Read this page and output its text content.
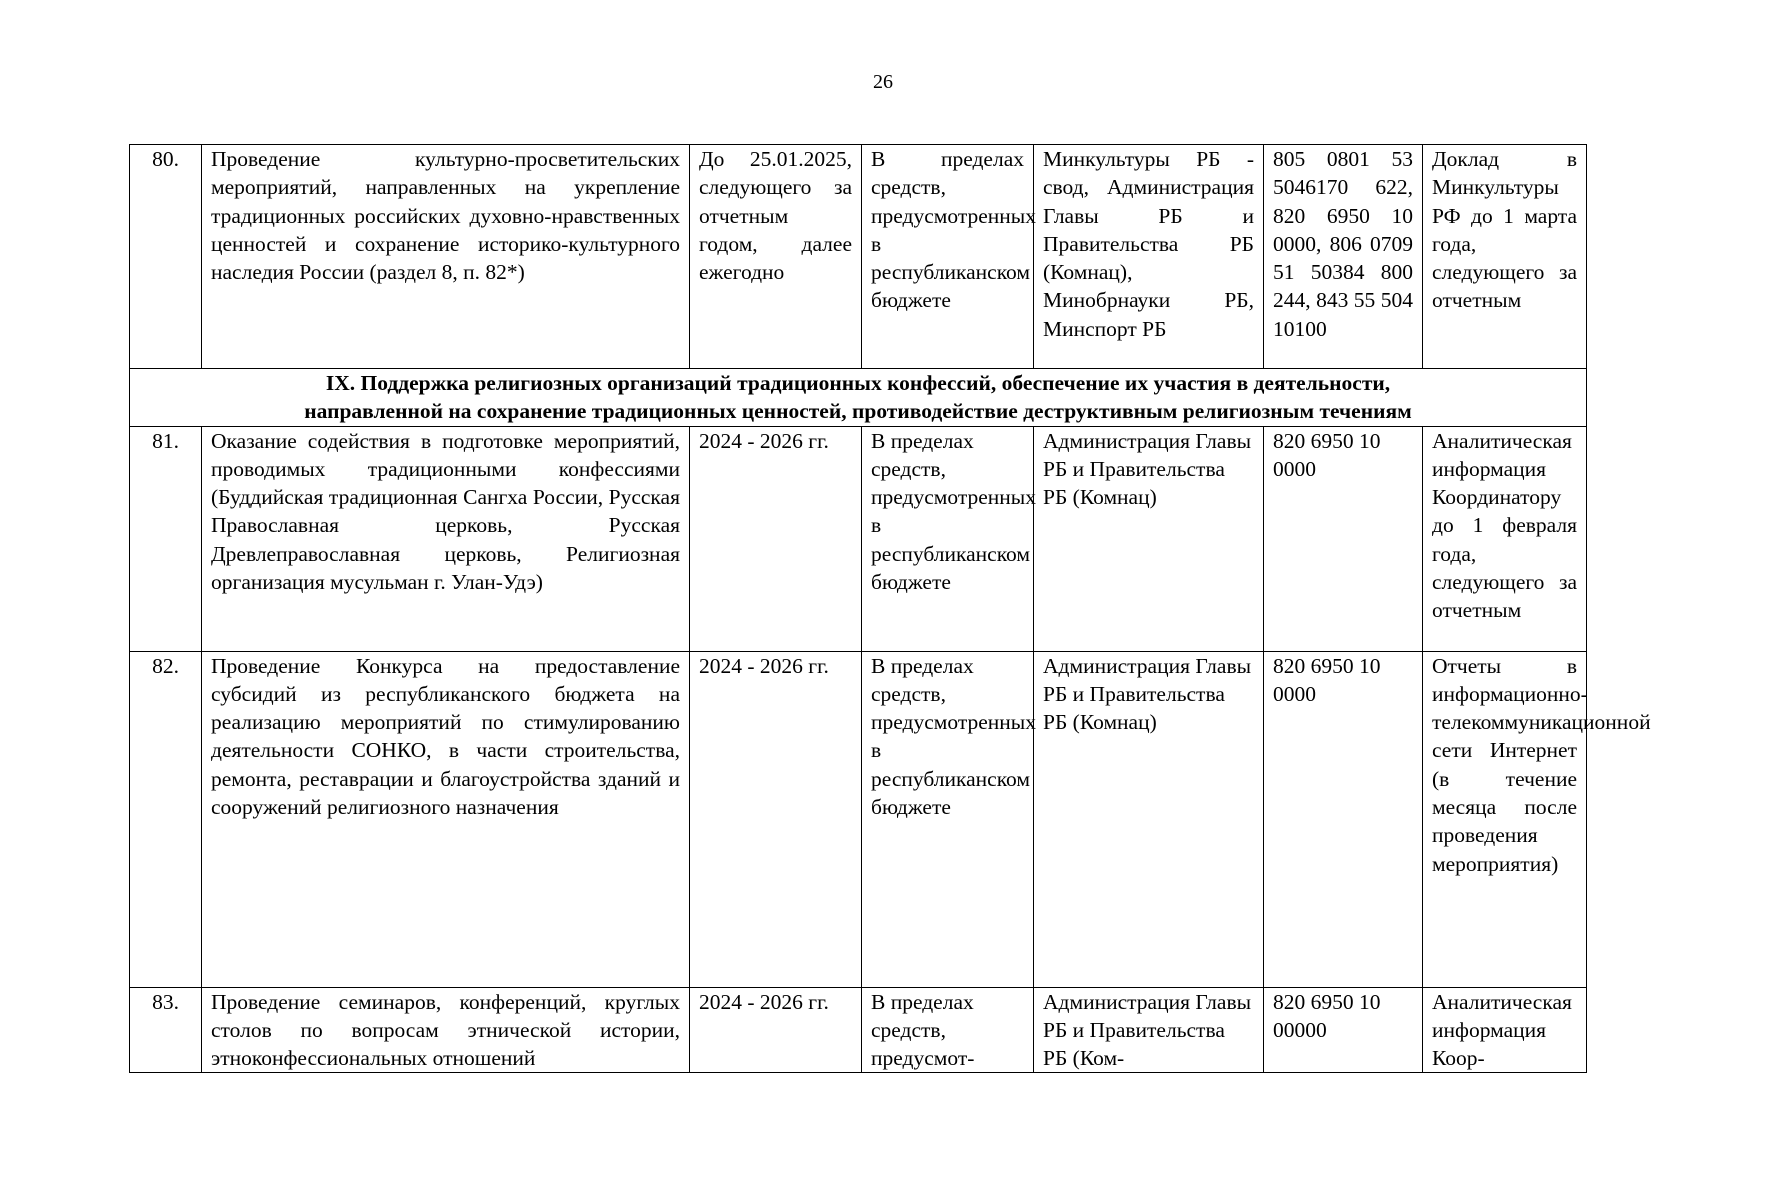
26
80.	Проведение культурно-просветительских мероприятий, направленных на укрепление традиционных российских духовно-нравственных ценностей и сохранение историко-культурного наследия России (раздел 8, п. 82*)	До 25.01.2025, следующего за отчетным годом, далее ежегодно	В пределах средств, предусмотренных в республиканском бюджете	Минкультуры РБ - свод, Администрация Главы РБ и Правительства РБ (Комнац), Минобрнауки РБ, Минспорт РБ	805 0801 53 5046170 622, 820 6950 10 0000, 806 0709 51 50384 800 244, 843 55 504 10100	Доклад в Минкультуры РФ до 1 марта года, следующего за отчетным

IX. Поддержка религиозных организаций традиционных конфессий, обеспечение их участия в деятельности,
направленной на сохранение традиционных ценностей, противодействие деструктивным религиозным течениям						

81.	Оказание содействия в подготовке мероприятий, проводимых традиционными конфессиями (Буддийская традиционная Сангха России, Русская Православная церковь, Русская Древлеправославная церковь, Религиозная организация мусульман г. Улан-Удэ)	2024 - 2026 гг.	В пределах средств, предусмотренных в республиканском бюджете	Администрация Главы РБ и Правительства РБ (Комнац)	820 6950 10 0000	Аналитическая информация Координатору до 1 февраля года, следующего за отчетным
82.	Проведение Конкурса на предоставление субсидий из республиканского бюджета на реализацию мероприятий по стимулированию деятельности СОНКО, в части строительства, ремонта, реставрации и благоустройства зданий и сооружений религиозного назначения	2024 - 2026 гг.	В пределах средств, предусмотренных в республиканском бюджете	Администрация Главы РБ и Правительства РБ (Комнац)	820 6950 10 0000	Отчеты в информационно-телекоммуникационной сети Интернет (в течение месяца после проведения мероприятия)
83.	Проведение семинаров, конференций, круглых столов по вопросам этнической истории, этноконфессиональных отношений	2024 - 2026 гг.	В пределах средств, предусмот-	Администрация Главы РБ и Правительства РБ (Ком-	820 6950 10 00000	Аналитическая информация Коор-
